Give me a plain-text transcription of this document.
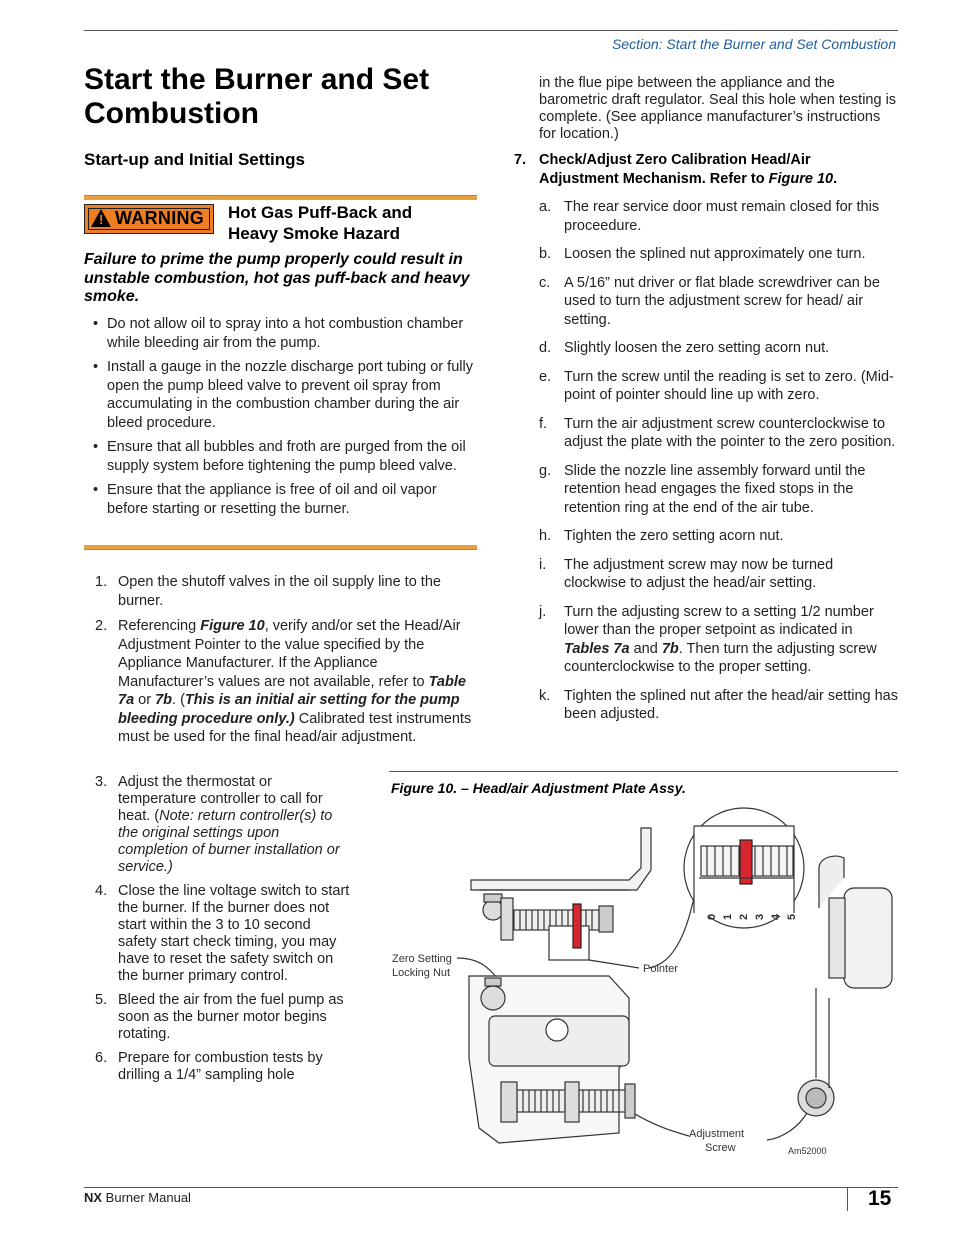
Section: Start the Burner and Set Combustion
Start the Burner and Set Combustion
Start-up and Initial Settings
! WARNING Hot Gas Puff-Back and Heavy Smoke Hazard
Failure to prime the pump properly could result in unstable combustion, hot gas puff-back and heavy smoke.
• Do not allow oil to spray into a hot combustion chamber while bleeding air from the pump.
• Install a gauge in the nozzle discharge port tubing or fully open the pump bleed valve to prevent oil spray from accumulating in the combustion chamber during the air bleed procedure.
• Ensure that all bubbles and froth are purged from the oil supply system before tightening the pump bleed valve.
• Ensure that the appliance is free of oil and oil vapor before starting or resetting the burner.
1. Open the shutoff valves in the oil supply line to the burner.
2. Referencing Figure 10, verify and/or set the Head/Air Adjustment Pointer to the value specified by the Appliance Manufacturer. If the Appliance Manufacturer’s values are not available, refer to Table 7a or 7b. (This is an initial air setting for the pump bleeding procedure only.) Calibrated test instruments must be used for the final head/air adjustment.
3. Adjust the thermostat or temperature controller to call for heat. (Note: return controller(s) to the original settings upon completion of burner installation or service.)
4. Close the line voltage switch to start the burner. If the burner does not start within the 3 to 10 second safety start check timing, you may have to reset the safety switch on the burner primary control.
5. Bleed the air from the fuel pump as soon as the burner motor begins rotating.
6. Prepare for combustion tests by drilling a 1/4” sampling hole
in the flue pipe between the appliance and the barometric draft regulator. Seal this hole when testing is complete. (See appliance manufacturer’s instructions for location.)
7. Check/Adjust Zero Calibration Head/Air Adjustment Mechanism. Refer to Figure 10.
a. The rear service door must remain closed for this proceedure.
b. Loosen the splined nut approximately one turn.
c. A 5/16” nut driver or flat blade screwdriver can be used to turn the adjustment screw for head/ air setting.
d. Slightly loosen the zero setting acorn nut.
e. Turn the screw until the reading is set to zero. (Mid-point of pointer should line up with zero.
f. Turn the air adjustment screw counterclockwise to adjust the plate with the pointer to the zero position.
g. Slide the nozzle line assembly forward until the retention head engages the fixed stops in the retention ring at the end of the air tube.
h. Tighten the zero setting acorn nut.
i. The adjustment screw may now be turned clockwise to adjust the head/air setting.
j. Turn the adjusting screw to a setting 1/2 number lower than the proper setpoint as indicated in Tables 7a and 7b. Then turn the adjusting screw counterclockwise to the proper setting.
k. Tighten the splined nut after the head/air setting has been adjusted.
Figure 10. – Head/air Adjustment Plate Assy.
0 1 2 3 4 5
Zero Setting
Locking Nut	Pointer
Adjustment
Screw	Am52000
NX Burner Manual	15
